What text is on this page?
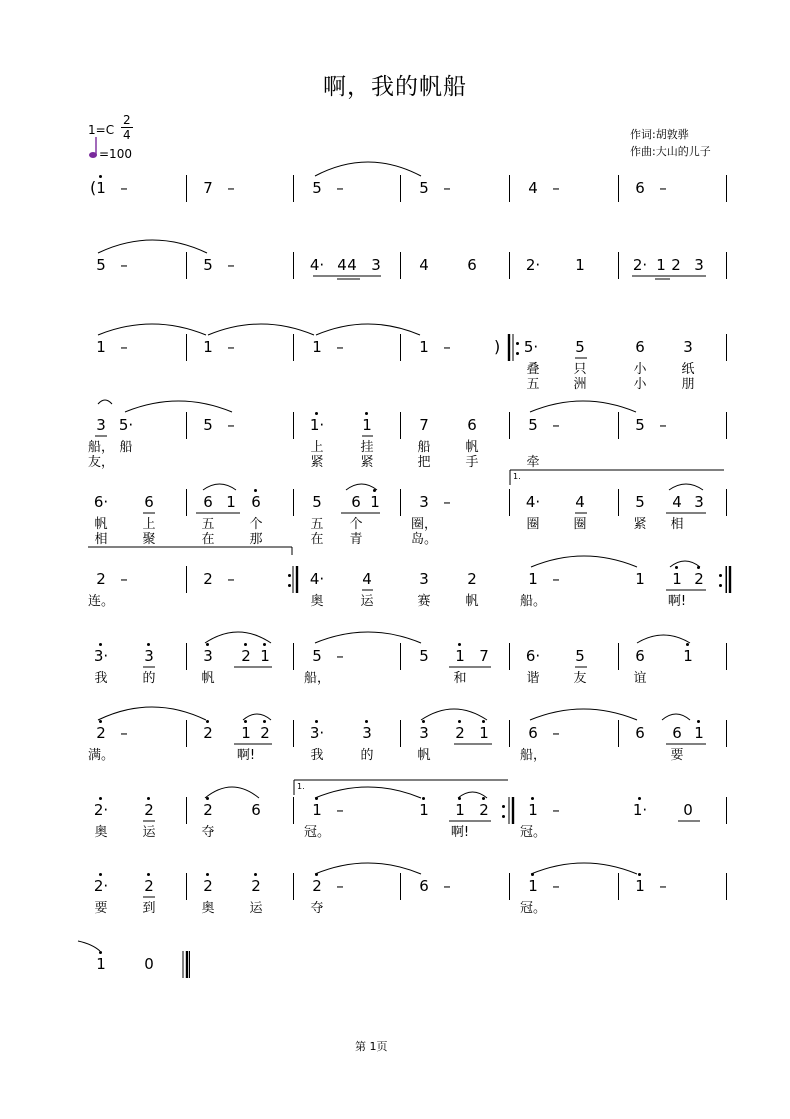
啊，我的帆船
1=C
2
4
=100
作词:胡敦骅
作曲:大山的儿子
第 1页
1 –	7 –	5 –	5 –	4 –	6 –
5 –	5 –	4· 4 4 3	4	6	2· 1	2· 1 2 3
1 –	1 –	1 –	1 –	5· 5	6	3
叠	只	小	纸
五	洲	小	朋
3 5·	5 –	1·	1	7	6	5 –	5 –
船， 船	上	挂	船	帆
友，	紧	紧	把	手	牵
6· 6	6 1 6	5 6 1	3 –	4· 4	5 4 3
帆	上	五	个	五 个	圈，	圈	圈	紧 相
相	聚	在	那	在 青	岛。
2 –	2 –	4·	4	3	2	1 –	1 1 2
连。	奥	运	赛	帆	船。	啊!
3· 3	3 2 1	5 –	5 1 7 6· 5	6	1
我	的	帆	船，	和	谐	友	谊
2 –	2 1 2	3·	3	3 2 1	6 –	6 6 1
满。	啊!	我	的	帆	船，	要
2· 2	2	6	1 –	1 1 2	1 –	1· 0
奥	运	夺	冠。	啊!	冠。
2· 2	2	2	2 –	6 –	1 –	1 –
要	到	奥	运	夺	冠。
1	0
(
)
1.
1.
